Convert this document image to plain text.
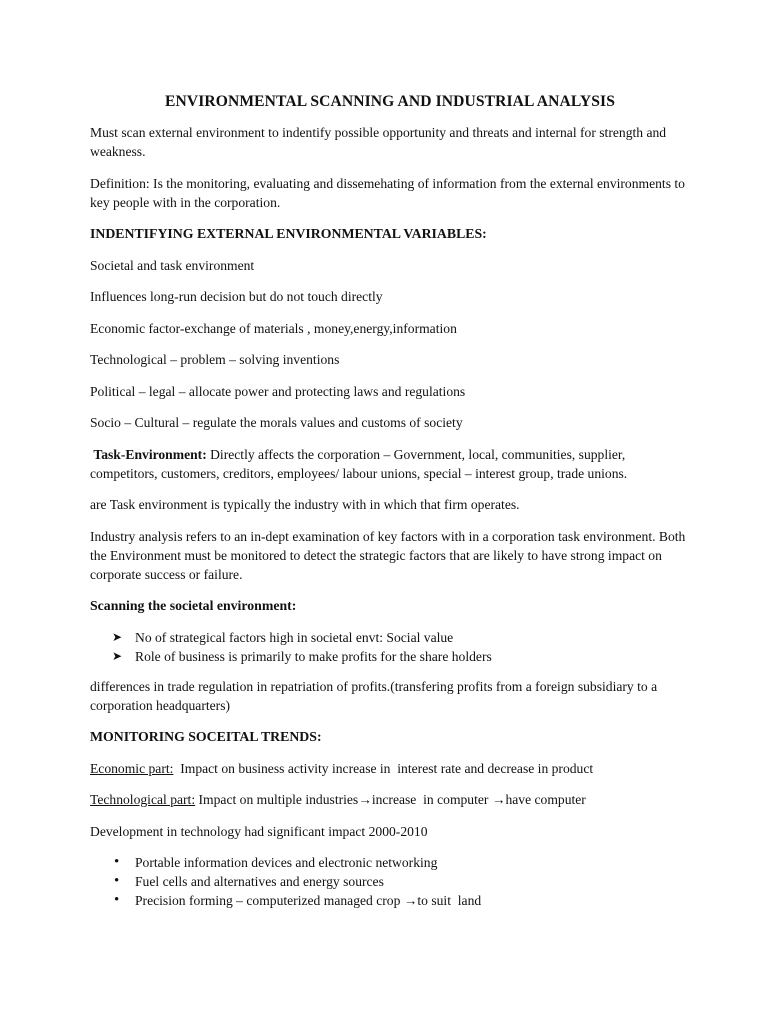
ENVIRONMENTAL SCANNING AND INDUSTRIAL ANALYSIS

Must scan external environment to indentify possible opportunity and threats and internal for strength and weakness.

Definition: Is the monitoring, evaluating and dissemehating of information from the external environments to key people with in the corporation.

INDENTIFYING EXTERNAL ENVIRONMENTAL VARIABLES:

Societal and task environment

Influences long-run decision but do not touch directly

Economic factor-exchange of materials , money,energy,information

Technological – problem – solving inventions

Political – legal – allocate power and protecting laws and regulations

Socio – Cultural – regulate the morals values and customs of society

Task-Environment: Directly affects the corporation – Government, local, communities, supplier, competitors, customers, creditors, employees/ labour unions, special – interest group, trade unions.

are Task environment is typically the industry with in which that firm operates.

Industry analysis refers to an in-dept examination of key factors with in a corporation task environment. Both the Environment must be monitored to detect the strategic factors that are likely to have strong impact on corporate success or failure.

Scanning the societal environment:
➤ No of strategical factors high in societal envt: Social value
➤ Role of business is primarily to make profits for the share holders

differences in trade regulation in repatriation of profits.(transfering profits from a foreign subsidiary to a corporation headquarters)

MONITORING SOCEITAL TRENDS:

Economic part:  Impact on business activity increase in  interest rate and decrease in product

Technological part: Impact on multiple industries→increase  in computer →have computer

Development in technology had significant impact 2000-2010

• Portable information devices and electronic networking
• Fuel cells and alternatives and energy sources
• Precision forming – computerized managed crop →to suit  land
